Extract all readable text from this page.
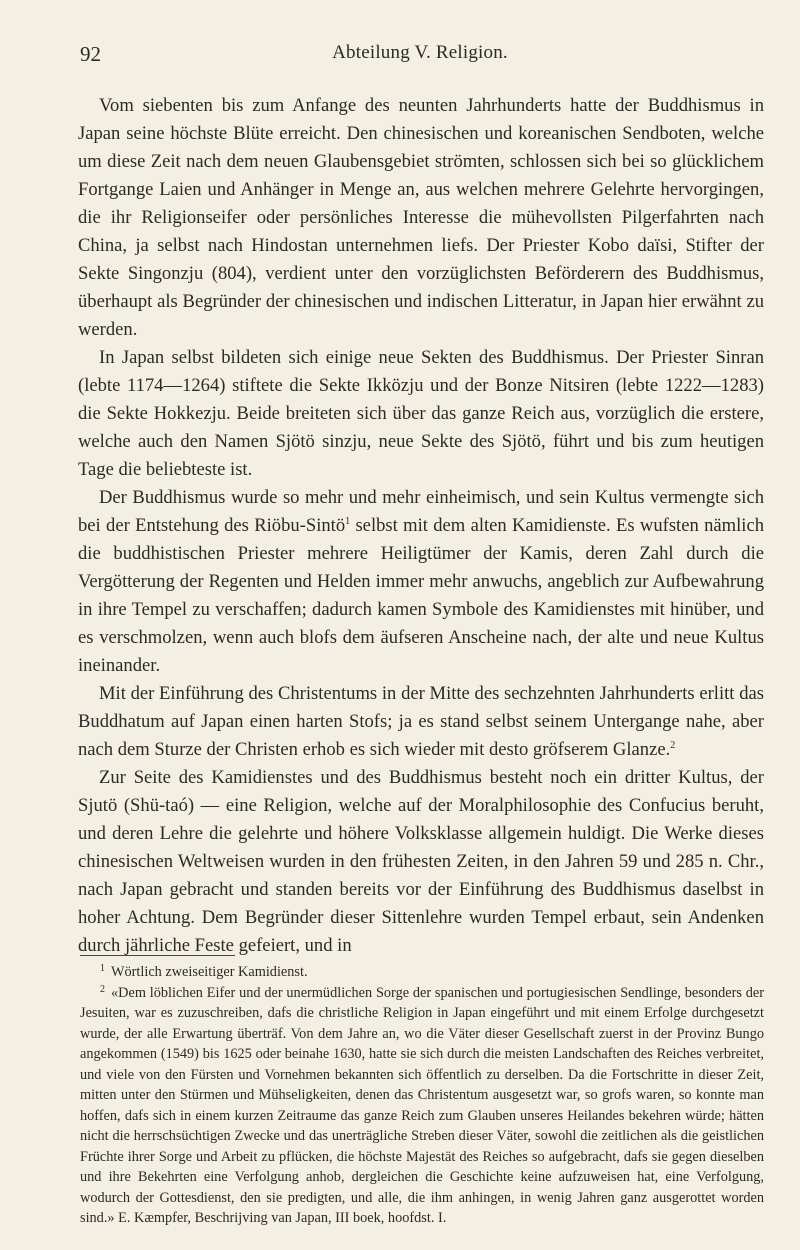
92	Abteilung V. Religion.

Vom siebenten bis zum Anfange des neunten Jahrhunderts hatte der Buddhismus in Japan seine höchste Blüte erreicht. Den chinesischen und koreanischen Sendboten, welche um diese Zeit nach dem neuen Glaubensgebiet strömten, schlossen sich bei so glücklichem Fortgange Laien und Anhänger in Menge an, aus welchen mehrere Gelehrte hervorgingen, die ihr Religionseifer oder persönliches Interesse die mühevollsten Pilgerfahrten nach China, ja selbst nach Hindostan unternehmen liefs. Der Priester Kobo daïsi, Stifter der Sekte Singonzju (804), verdient unter den vorzüglichsten Beförderern des Buddhismus, überhaupt als Begründer der chinesischen und indischen Litteratur, in Japan hier erwähnt zu werden.

In Japan selbst bildeten sich einige neue Sekten des Buddhismus. Der Priester Sinran (lebte 1174—1264) stiftete die Sekte Ikközju und der Bonze Nitsiren (lebte 1222—1283) die Sekte Hokkezju. Beide breiteten sich über das ganze Reich aus, vorzüglich die erstere, welche auch den Namen Sjötö sinzju, neue Sekte des Sjötö, führt und bis zum heutigen Tage die beliebteste ist.

Der Buddhismus wurde so mehr und mehr einheimisch, und sein Kultus vermengte sich bei der Entstehung des Riöbu-Sintö$^1$ selbst mit dem alten Kamidienste. Es wufsten nämlich die buddhistischen Priester mehrere Heiligtümer der Kamis, deren Zahl durch die Vergötterung der Regenten und Helden immer mehr anwuchs, angeblich zur Aufbewahrung in ihre Tempel zu verschaffen; dadurch kamen Symbole des Kamidienstes mit hinüber, und es verschmolzen, wenn auch blofs dem äufseren Anscheine nach, der alte und neue Kultus ineinander.

Mit der Einführung des Christentums in der Mitte des sechzehnten Jahrhunderts erlitt das Buddhatum auf Japan einen harten Stofs; ja es stand selbst seinem Untergange nahe, aber nach dem Sturze der Christen erhob es sich wieder mit desto gröfserem Glanze.$^2$

Zur Seite des Kamidienstes und des Buddhismus besteht noch ein dritter Kultus, der Sjutö (Shü-taó) — eine Religion, welche auf der Moralphilosophie des Confucius beruht, und deren Lehre die gelehrte und höhere Volksklasse allgemein huldigt. Die Werke dieses chinesischen Weltweisen wurden in den frühesten Zeiten, in den Jahren 59 und 285 n. Chr., nach Japan gebracht und standen bereits vor der Einführung des Buddhismus daselbst in hoher Achtung. Dem Begründer dieser Sittenlehre wurden Tempel erbaut, sein Andenken durch jährliche Feste gefeiert, und in

$^1$ Wörtlich zweiseitiger Kamidienst.

$^2$ «Dem löblichen Eifer und der unermüdlichen Sorge der spanischen und portugiesischen Sendlinge, besonders der Jesuiten, war es zuzuschreiben, dafs die christliche Religion in Japan eingeführt und mit einem Erfolge durchgesetzt wurde, der alle Erwartung überträf. Von dem Jahre an, wo die Väter dieser Gesellschaft zuerst in der Provinz Bungo angekommen (1549) bis 1625 oder beinahe 1630, hatte sie sich durch die meisten Landschaften des Reiches verbreitet, und viele von den Fürsten und Vornehmen bekannten sich öffentlich zu derselben. Da die Fortschritte in dieser Zeit, mitten unter den Stürmen und Mühseligkeiten, denen das Christentum ausgesetzt war, so grofs waren, so konnte man hoffen, dafs sich in einem kurzen Zeitraume das ganze Reich zum Glauben unseres Heilandes bekehren würde; hätten nicht die herrschsüchtigen Zwecke und das unerträgliche Streben dieser Väter, sowohl die zeitlichen als die geistlichen Früchte ihrer Sorge und Arbeit zu pflücken, die höchste Majestät des Reiches so aufgebracht, dafs sie gegen dieselben und ihre Bekehrten eine Verfolgung anhob, dergleichen die Geschichte keine aufzuweisen hat, eine Verfolgung, wodurch der Gottesdienst, den sie predigten, und alle, die ihm anhingen, in wenig Jahren ganz ausgerottet worden sind.» E. Kæmpfer, Beschrijving van Japan, III boek, hoofdst. I.
